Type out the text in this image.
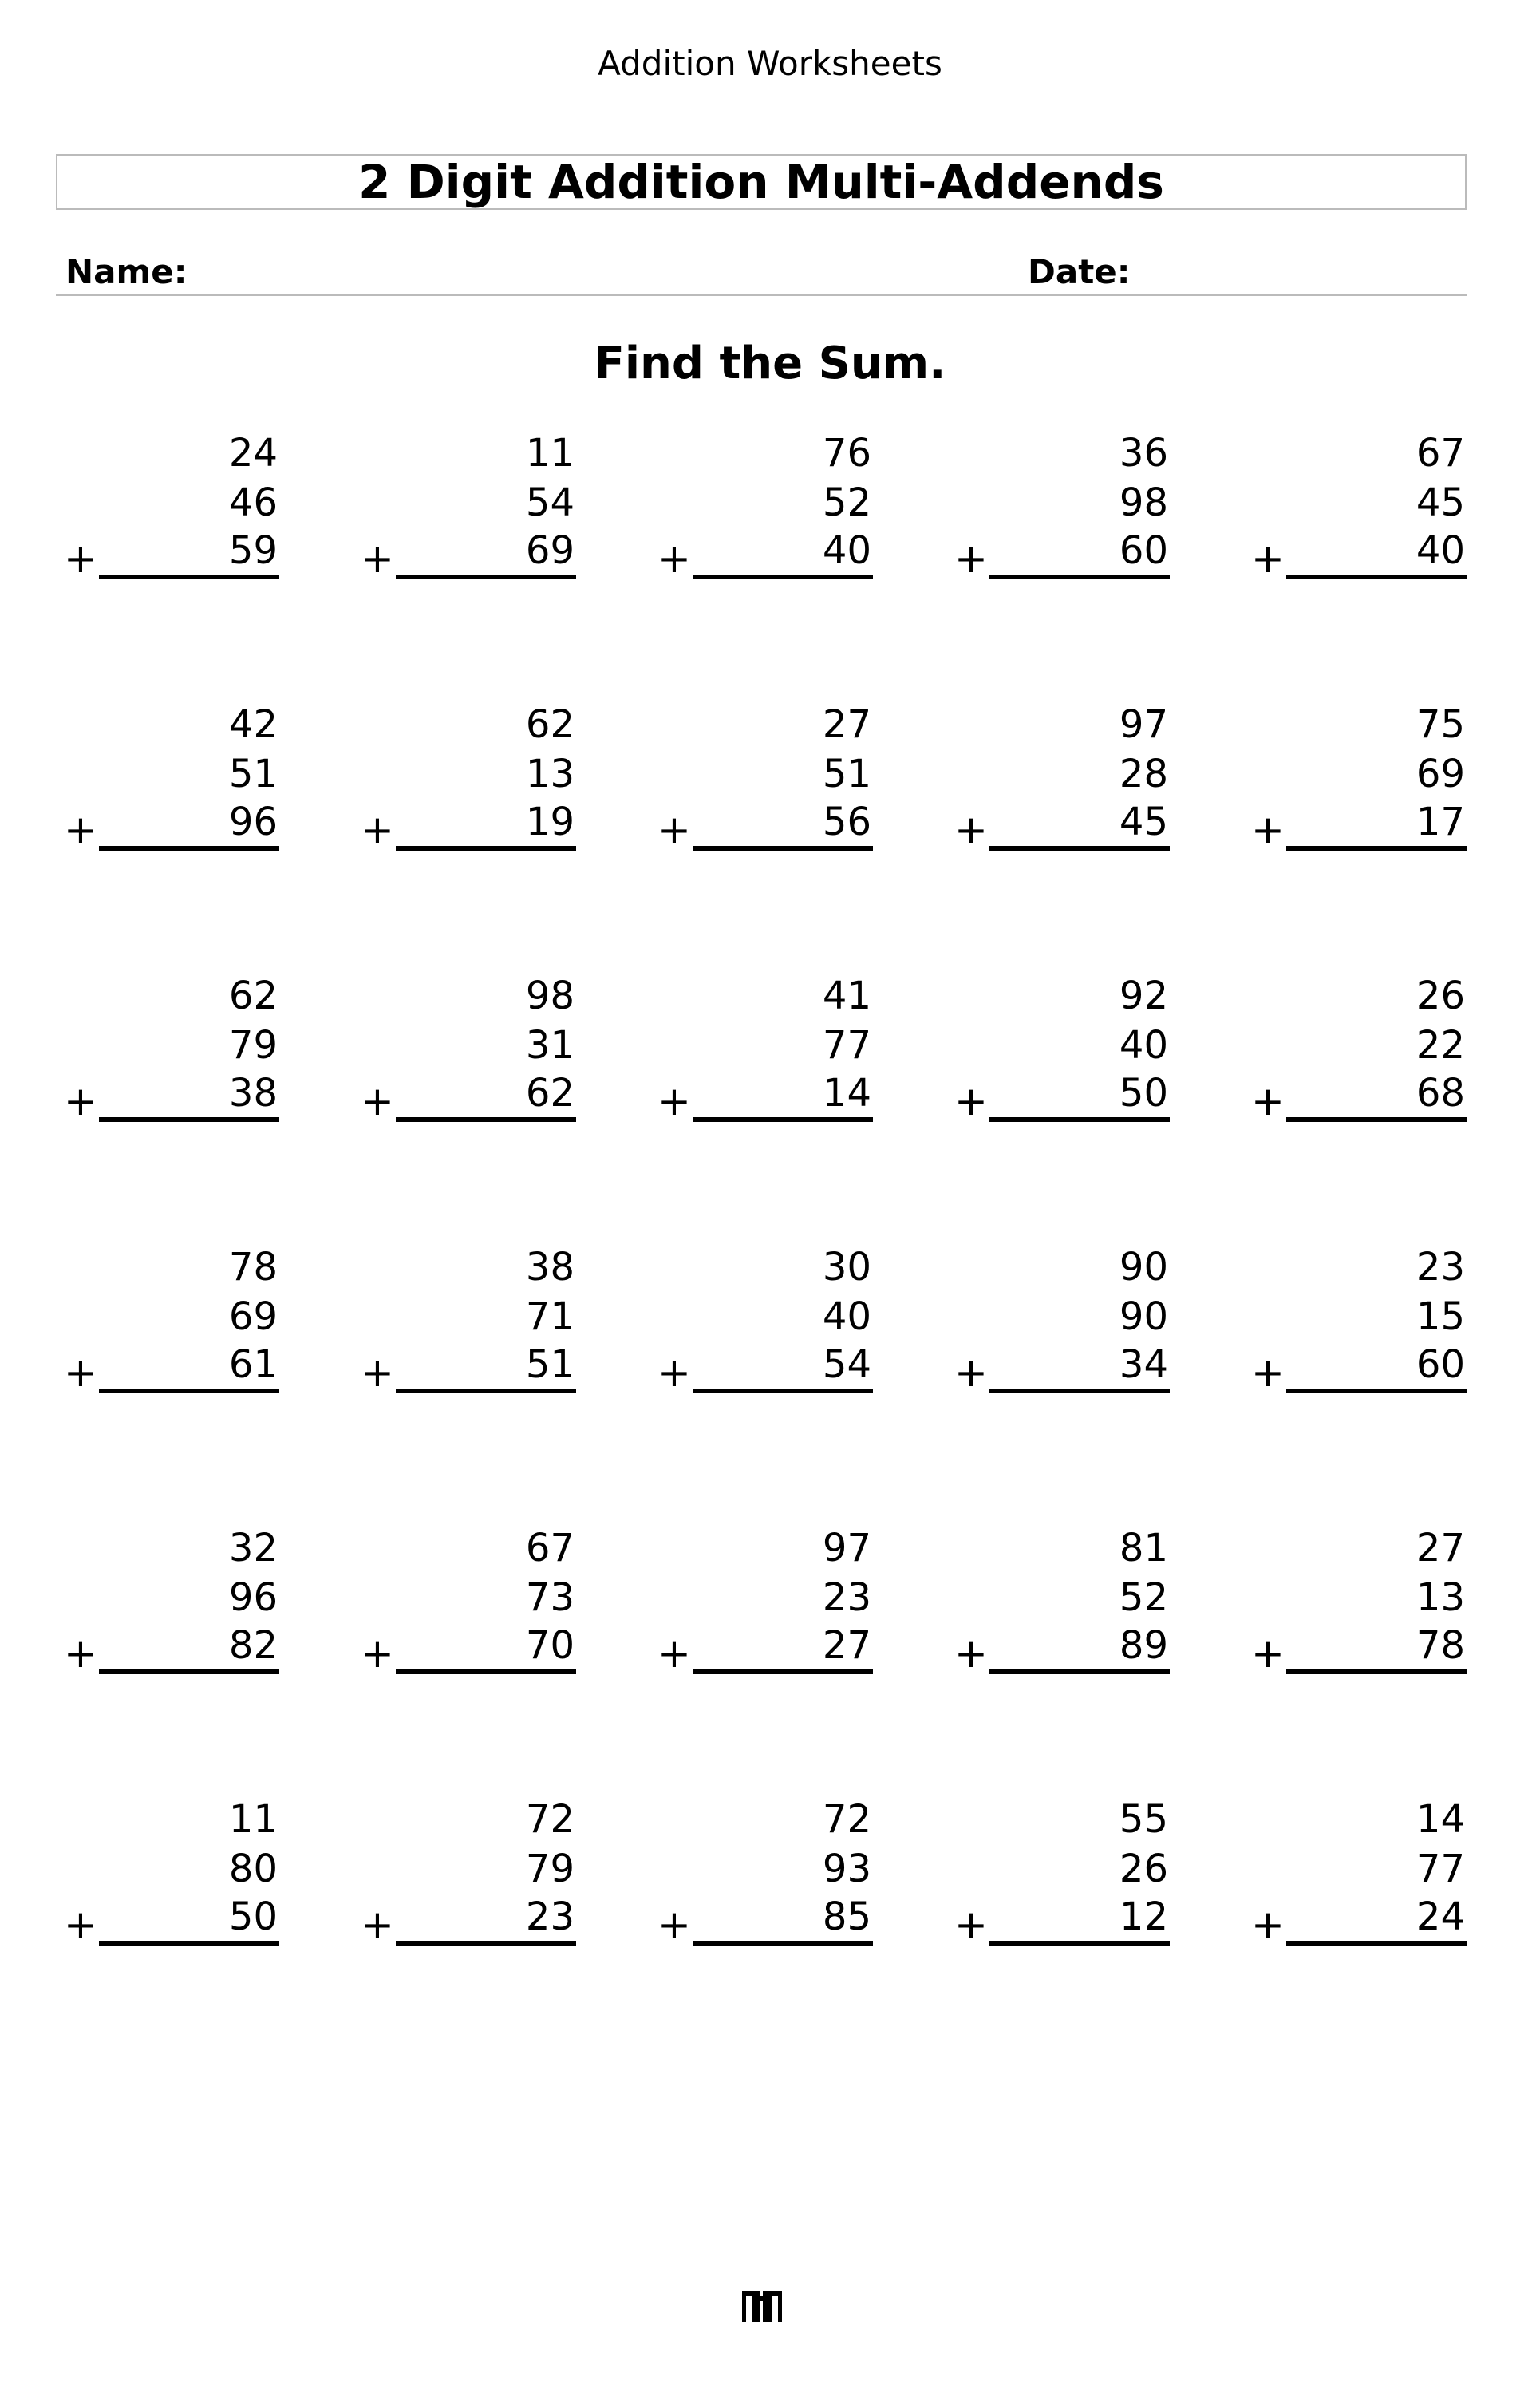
Addition Worksheets
2 Digit Addition Multi-Addends
Name:	Date:
Find the Sum.
24
46
59
+
11
54
69
+
76
52
40
+
36
98
60
+
67
45
40
+
42
51
96
+
62
13
19
+
27
51
56
+
97
28
45
+
75
69
17
+
62
79
38
+
98
31
62
+
41
77
14
+
92
40
50
+
26
22
68
+
78
69
61
+
38
71
51
+
30
40
54
+
90
90
34
+
23
15
60
+
32
96
82
+
67
73
70
+
97
23
27
+
81
52
89
+
27
13
78
+
11
80
50
+
72
79
23
+
72
93
85
+
55
26
12
+
14
77
24
+
